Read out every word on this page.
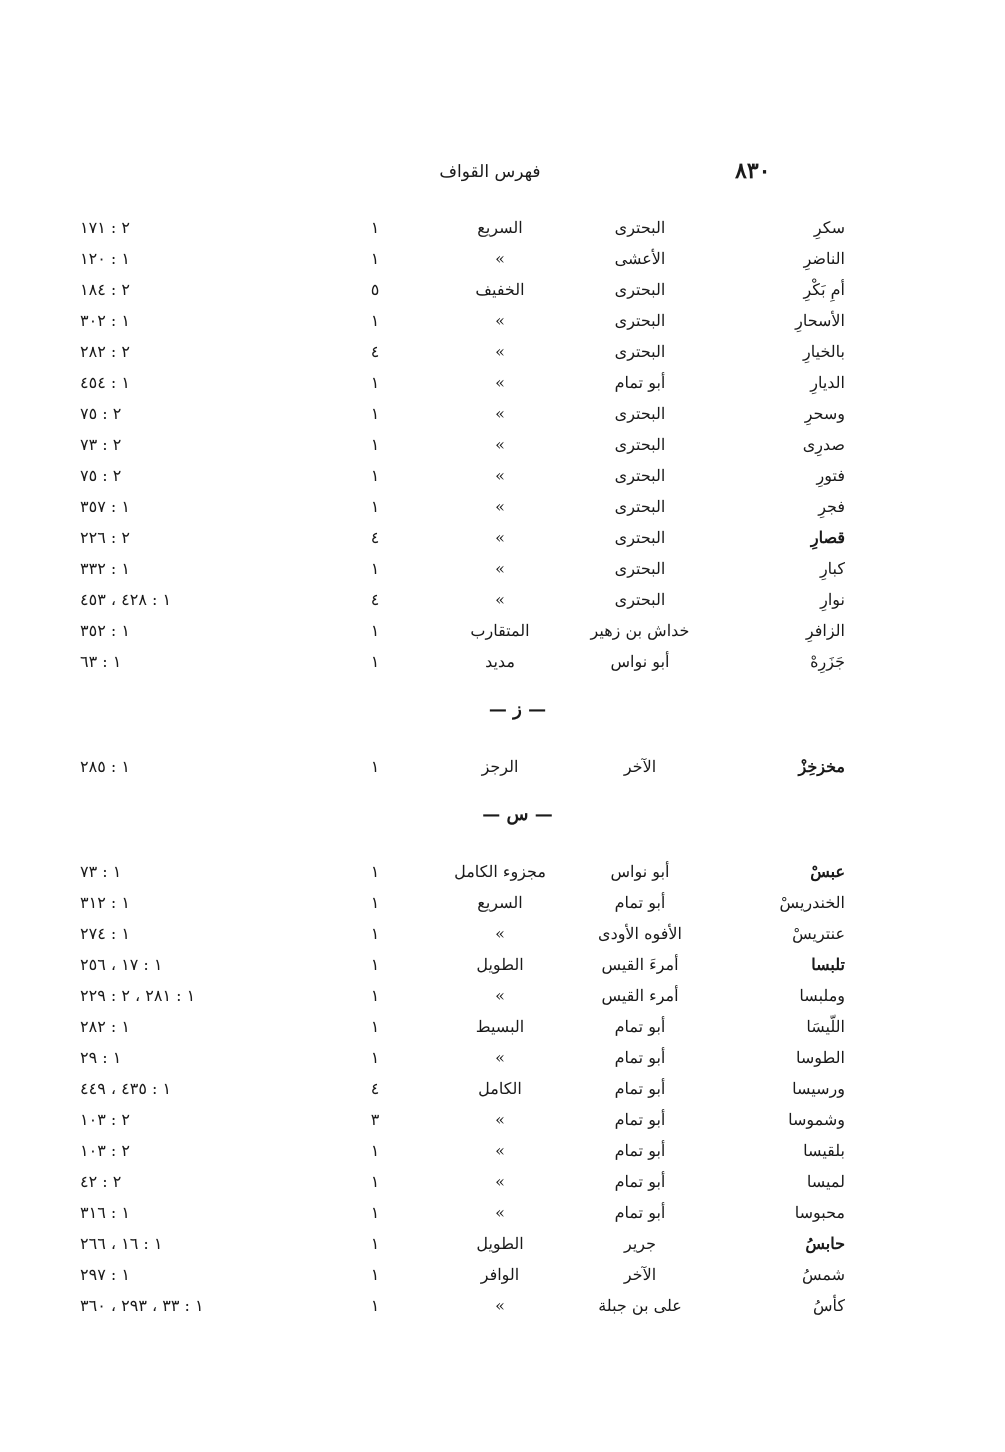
٨٣٠
فهرس القواف
سكرِ
البحترى
السريع
١
٢ : ١٧١
الناضرِ
الأعشى
»
١
١ : ١٢٠
أمِ بَكْرِ
البحترى
الخفيف
٥
٢ : ١٨٤
الأسحارِ
البحترى
»
١
١ : ٣٠٢
بالخيارِ
البحترى
»
٤
٢ : ٢٨٢
الديارِ
أبو تمام
»
١
١ : ٤٥٤
وسحرِ
البحترى
»
١
٢ : ٧٥
صدرِى
البحترى
»
١
٢ : ٧٣
فتورِ
البحترى
»
١
٢ : ٧٥
فجرِ
البحترى
»
١
١ : ٣٥٧
قصارِ
البحترى
»
٤
٢ : ٢٢٦
كبارِ
البحترى
»
١
١ : ٣٣٢
نوارِ
البحترى
»
٤
١ : ٤٢٨ ، ٤٥٣
الزافرِ
خداش بن زهير
المتقارب
١
١ : ٣٥٢
جَزَرِهْ
أبو نواس
مديد
١
١ : ٦٣
— ز —
مخزخِزْ
الآخر
الرجز
١
١ : ٢٨٥
— س —
عبسْ
أبو نواس
مجزوء الكامل
١
١ : ٧٣
الخندريسْ
أبو تمام
السريع
١
١ : ٣١٢
عنتريسْ
الأفوه الأودى
»
١
١ : ٢٧٤
تلبسا
أمرءَ القيس
الطويل
١
١ : ١٧ ، ٢٥٦
وملبسا
أمرء القيس
»
١
١ : ٢٨١ ، ٢ : ٢٢٩
اللّيسَا
أبو تمام
البسيط
١
١ : ٢٨٢
الطوسا
أبو تمام
»
١
١ : ٢٩
ورسيسا
أبو تمام
الكامل
٤
١ : ٤٣٥ ، ٤٤٩
وشموسا
أبو تمام
»
٣
٢ : ١٠٣
بلقيسا
أبو تمام
»
١
٢ : ١٠٣
لميسا
أبو تمام
»
١
٢ : ٤٢
محبوسا
أبو تمام
»
١
١ : ٣١٦
حابسُ
جرير
الطويل
١
١ : ١٦ ، ٢٦٦
شمسُ
الآخر
الوافر
١
١ : ٢٩٧
كأسُ
على بن جبلة
»
١
١ : ٣٣ ، ٢٩٣ ، ٣٦٠
